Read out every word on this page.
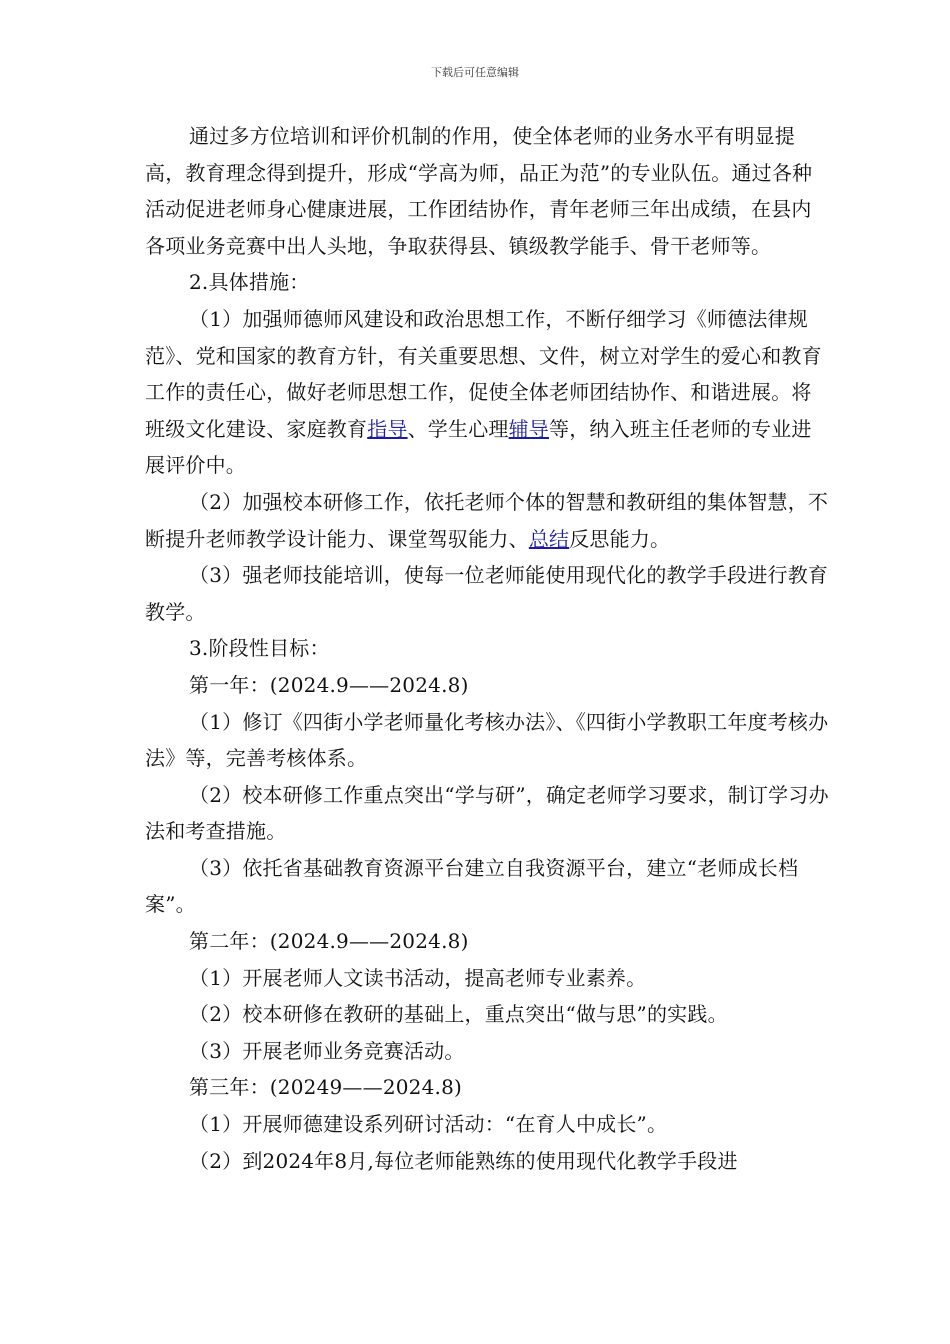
下载后可任意编辑

通过多方位培训和评价机制的作用，使全体老师的业务水平有明显提高，教育理念得到提升，形成“学高为师，品正为范”的专业队伍。通过各种活动促进老师身心健康进展，工作团结协作，青年老师三年出成绩，在县内各项业务竞赛中出人头地，争取获得县、镇级教学能手、骨干老师等。

2.具体措施：

（1）加强师德师风建设和政治思想工作，不断仔细学习《师德法律规范》、党和国家的教育方针，有关重要思想、文件，树立对学生的爱心和教育工作的责任心，做好老师思想工作，促使全体老师团结协作、和谐进展。将班级文化建设、家庭教育指导、学生心理辅导等，纳入班主任老师的专业进展评价中。

（2）加强校本研修工作，依托老师个体的智慧和教研组的集体智慧，不断提升老师教学设计能力、课堂驾驭能力、总结反思能力。

（3）强老师技能培训，使每一位老师能使用现代化的教学手段进行教育教学。

3.阶段性目标：

第一年：(2024.9——2024.8)

（1）修订《四街小学老师量化考核办法》、《四街小学教职工年度考核办法》等，完善考核体系。

（2）校本研修工作重点突出“学与研”，确定老师学习要求，制订学习办法和考查措施。

（3）依托省基础教育资源平台建立自我资源平台，建立“老师成长档案”。

第二年：(2024.9——2024.8)

（1）开展老师人文读书活动，提高老师专业素养。

（2）校本研修在教研的基础上，重点突出“做与思”的实践。

（3）开展老师业务竞赛活动。

第三年：(20249——2024.8)

（1）开展师德建设系列研讨活动：“在育人中成长”。

（2）到2024年8月,每位老师能熟练的使用现代化教学手段进
